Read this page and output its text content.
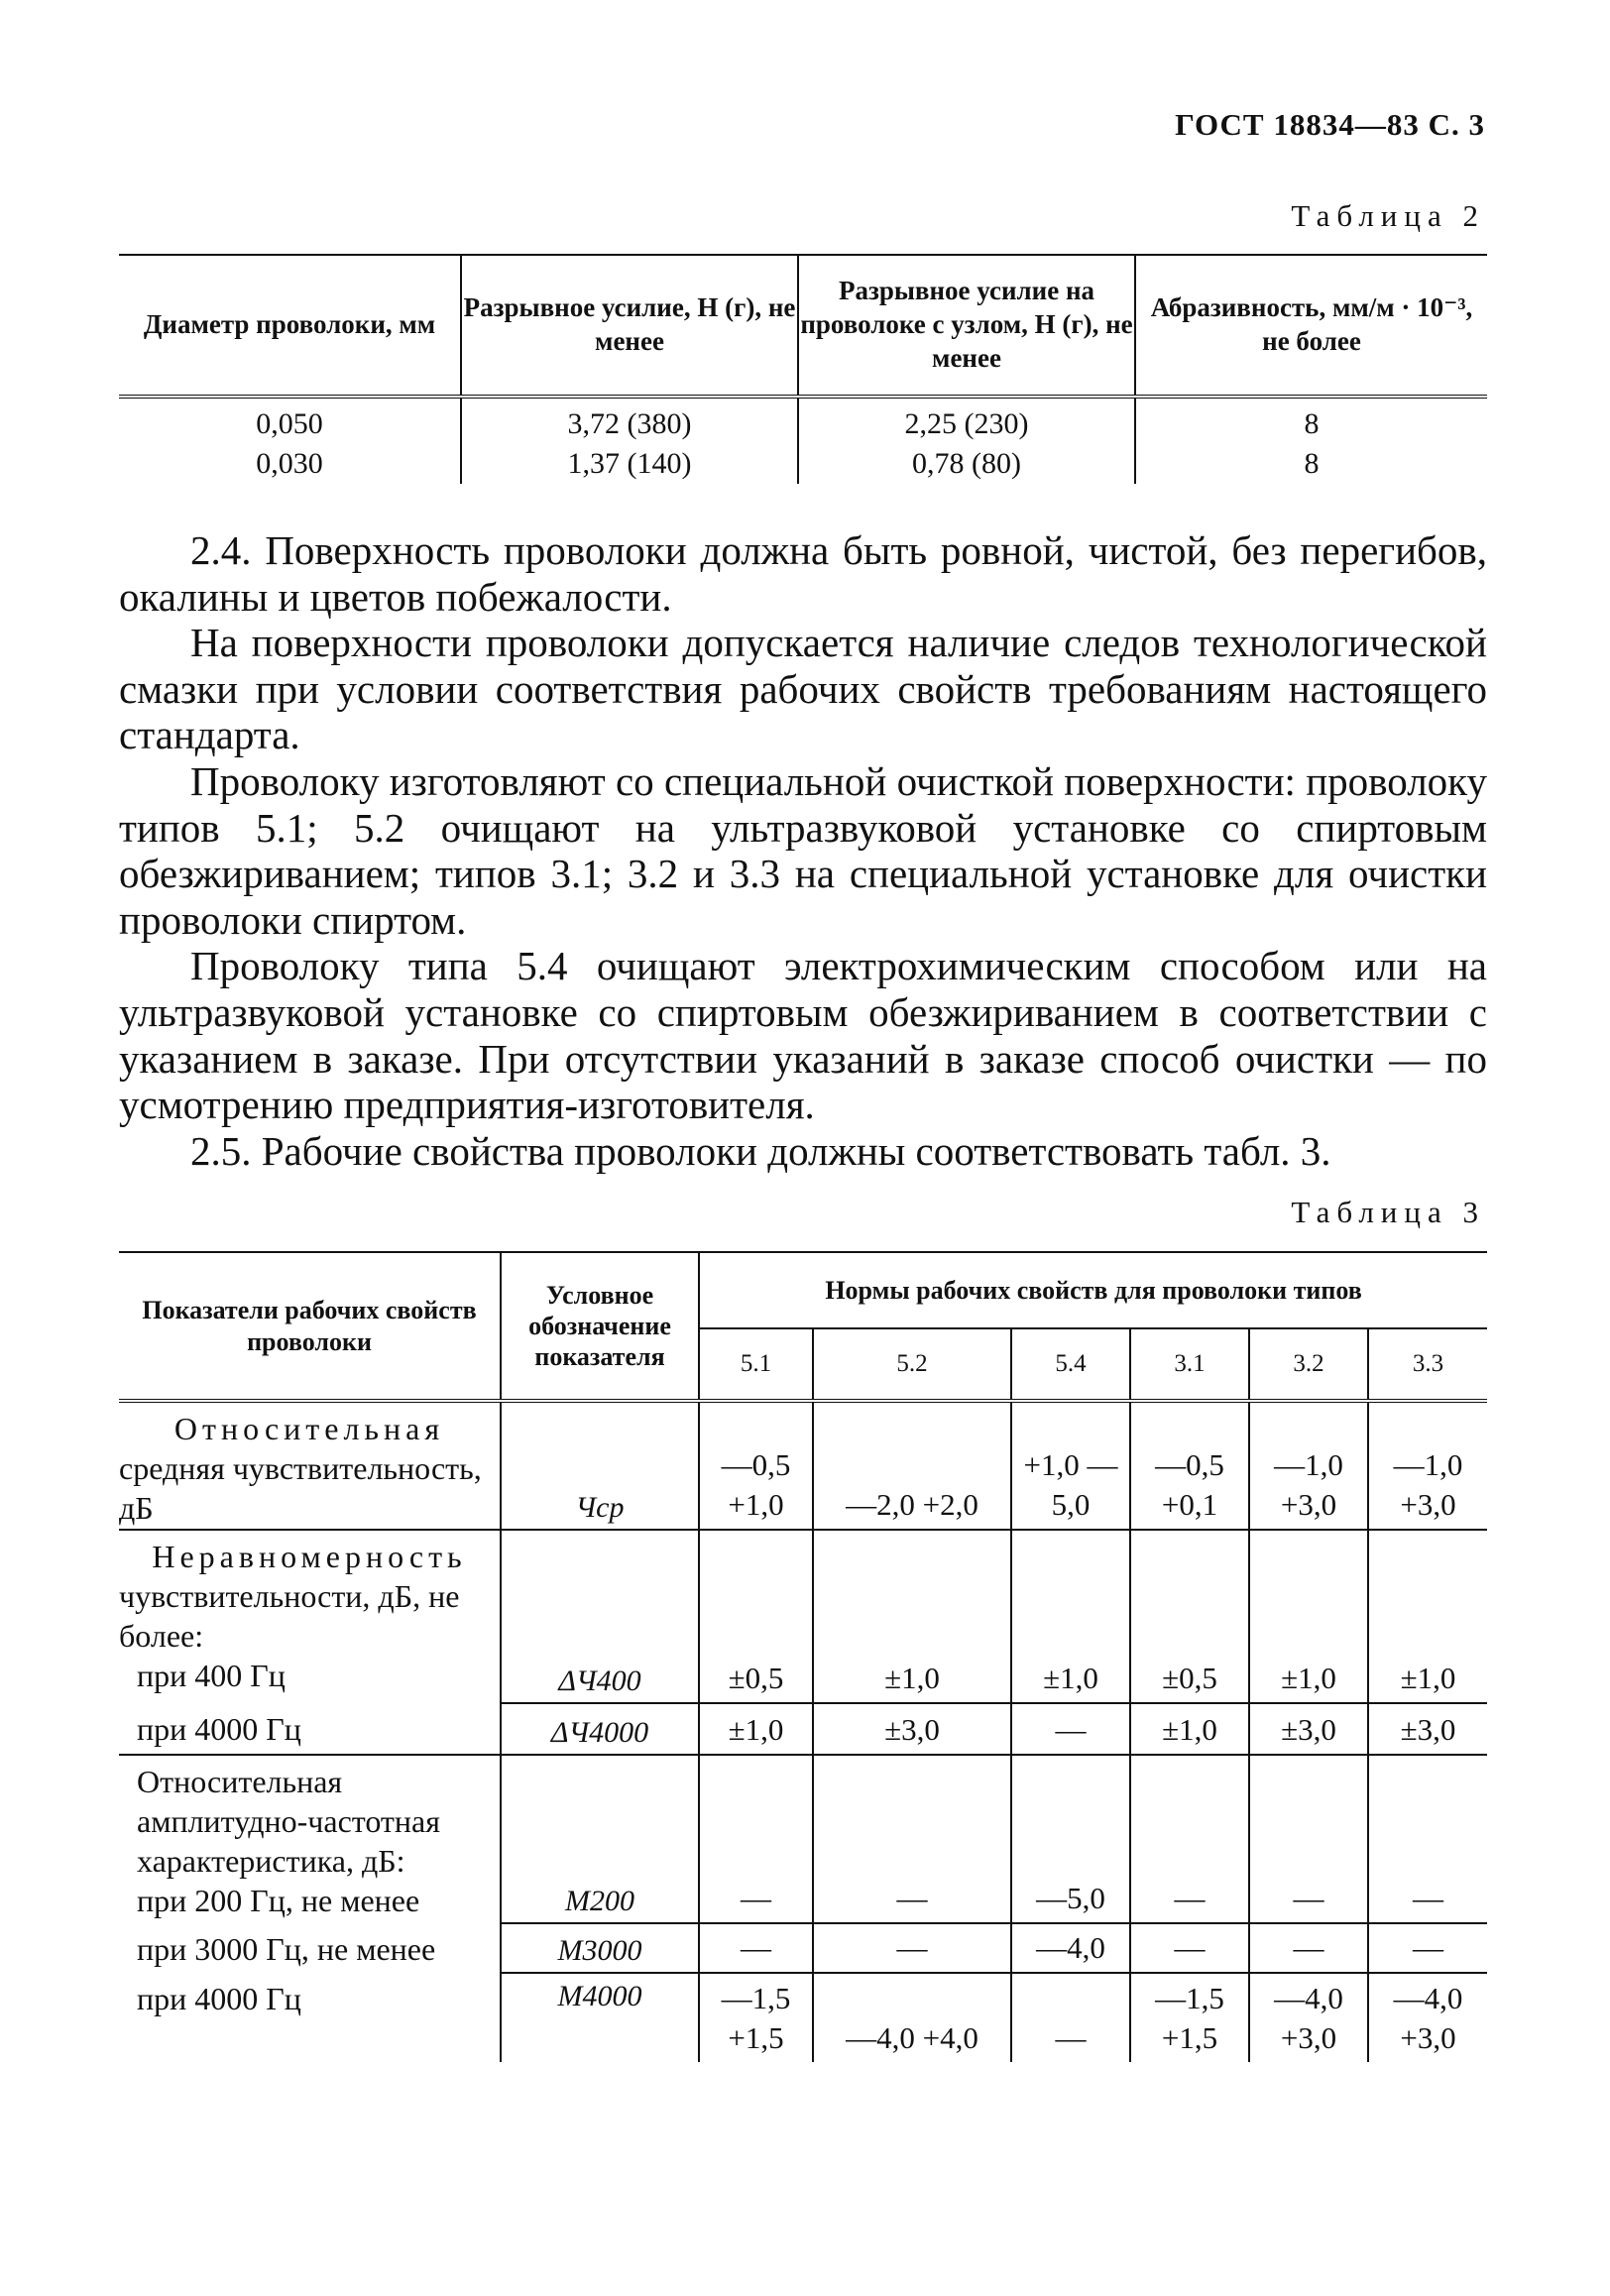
ГОСТ 18834—83 С. 3
Таблица 2
Диаметр проволоки, мм	Разрывное усилие, Н (г), не менее	Разрывное усилие на проволоке с узлом, Н (г), не менее	Абразивность, мм/м · 10⁻³, не более
0,050	3,72 (380)	2,25 (230)	8
0,030	1,37 (140)	0,78 (80)	8

2.4. Поверхность проволоки должна быть ровной, чистой, без перегибов, окалины и цветов побежалости.

На поверхности проволоки допускается наличие следов технологической смазки при условии соответствия рабочих свойств требованиям настоящего стандарта.

Проволоку изготовляют со специальной очисткой поверхности: проволоку типов 5.1; 5.2 очищают на ультразвуковой установке со спиртовым обезжириванием; типов 3.1; 3.2 и 3.3 на специальной установке для очистки проволоки спиртом.

Проволоку типа 5.4 очищают электрохимическим способом или на ультразвуковой установке со спиртовым обезжириванием в соответствии с указанием в заказе. При отсутствии указаний в заказе способ очистки — по усмотрению предприятия-изготовителя.

2.5. Рабочие свойства проволоки должны соответствовать табл. 3.

Таблица 3
Показатели рабочих свойств проволоки	Условное обозначение показателя	Нормы рабочих свойств для проволоки типов					
		5.1	5.2	5.4	3.1	3.2	3.3

Относительная
средняя чувствительность, дБ	Чср	—0,5 +1,0	—2,0 +2,0	+1,0 —5,0	—0,5 +0,1	—1,0 +3,0	—1,0 +3,0

Неравномерность
чувствительности, дБ, не более:
при 400 Гц	ΔЧ400	±0,5	±1,0	±1,0	±0,5	±1,0	±1,0

при 4000 Гц	ΔЧ4000	±1,0	±3,0	—	±1,0	±3,0	±3,0

Относительная амплитудно-частотная характеристика, дБ:
при 200 Гц, не менее	M200	—	—	—5,0	—	—	—

при 3000 Гц, не менее	M3000	—	—	—4,0	—	—	—

при 4000 Гц	M4000	—1,5 +1,5	—4,0 +4,0	—	—1,5 +1,5	—4,0 +3,0	—4,0 +3,0
